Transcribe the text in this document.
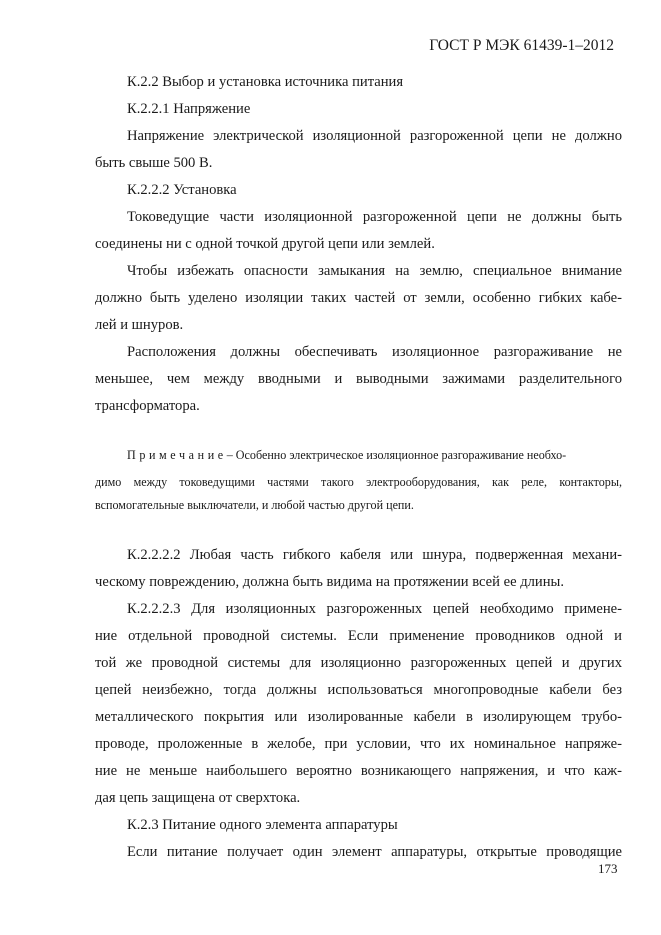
ГОСТ Р МЭК 61439-1–2012
К.2.2 Выбор и установка источника питания
К.2.2.1 Напряжение
Напряжение электрической изоляционной разгороженной цепи не должно
быть свыше 500 В.
К.2.2.2 Установка
Токоведущие части изоляционной разгороженной цепи не должны быть
соединены ни с одной точкой другой цепи или землей.
Чтобы избежать опасности замыкания на землю, специальное внимание
должно быть уделено изоляции таких частей от земли, особенно гибких кабе-
лей и шнуров.
Расположения должны обеспечивать изоляционное разгораживание не
меньшее, чем между вводными и выводными зажимами разделительного
трансформатора.
Примечание – Особенно электрическое изоляционное разгораживание необхо-
димо между токоведущими частями такого электрооборудования, как реле, контакторы,
вспомогательные выключатели, и любой частью другой цепи.
К.2.2.2.2 Любая часть гибкого кабеля или шнура, подверженная механи-
ческому повреждению, должна быть видима на протяжении всей ее длины.
К.2.2.2.3 Для изоляционных разгороженных цепей необходимо примене-
ние отдельной проводной системы. Если применение проводников одной и
той же проводной системы для изоляционно разгороженных цепей и других
цепей неизбежно, тогда должны использоваться многопроводные кабели без
металлического покрытия или изолированные кабели в изолирующем трубо-
проводе, проложенные в желобе, при условии, что их номинальное напряже-
ние не меньше наибольшего вероятно возникающего напряжения, и что каж-
дая цепь защищена от сверхтока.
К.2.3 Питание одного элемента аппаратуры
Если питание получает один элемент аппаратуры, открытые проводящие
173
